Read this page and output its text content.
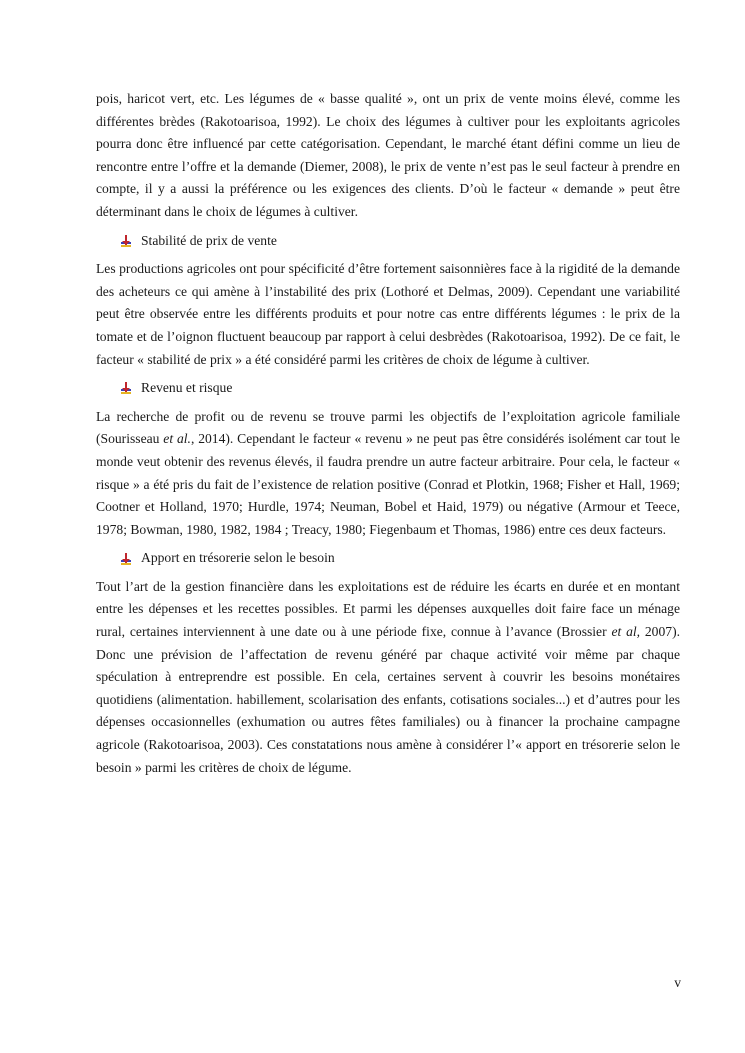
pois, haricot vert, etc. Les légumes de « basse qualité », ont un prix de vente moins élevé, comme les différentes brèdes (Rakotoarisoa, 1992). Le choix des légumes à cultiver pour les exploitants agricoles pourra donc être influencé par cette catégorisation. Cependant, le marché étant défini comme un lieu de rencontre entre l’offre et la demande (Diemer, 2008), le prix de vente n’est pas le seul facteur à prendre en compte, il y a aussi la préférence ou les exigences des clients. D’où le facteur « demande » peut être déterminant dans le choix de légumes à cultiver.

Stabilité de prix de vente

Les productions agricoles ont pour spécificité d’être fortement saisonnières face à la rigidité de la demande des acheteurs ce qui amène à l’instabilité des prix (Lothoré et Delmas, 2009). Cependant une variabilité peut être observée entre les différents produits et pour notre cas entre différents légumes : le prix de la tomate et de l’oignon fluctuent beaucoup par rapport à celui desbrèdes (Rakotoarisoa, 1992). De ce fait, le facteur « stabilité de prix » a été considéré parmi les critères de choix de légume à cultiver.

Revenu et risque

La recherche de profit ou de revenu se trouve parmi les objectifs de l’exploitation agricole familiale (Sourisseau et al., 2014). Cependant le facteur « revenu » ne peut pas être considérés isolément car tout le monde veut obtenir des revenus élevés, il faudra prendre un autre facteur arbitraire. Pour cela, le facteur « risque » a été pris du fait de l’existence de relation positive (Conrad et Plotkin, 1968; Fisher et Hall, 1969; Cootner et Holland, 1970; Hurdle, 1974; Neuman, Bobel et Haid, 1979) ou négative (Armour et Teece, 1978; Bowman, 1980, 1982, 1984 ; Treacy, 1980; Fiegenbaum et Thomas, 1986) entre ces deux facteurs.

Apport en trésorerie selon le besoin

Tout l’art de la gestion financière dans les exploitations est de réduire les écarts en durée et en montant entre les dépenses et les recettes possibles. Et parmi les dépenses auxquelles doit faire face un ménage rural, certaines interviennent à une date ou à une période fixe, connue à l’avance (Brossier et al, 2007). Donc une prévision de l’affectation de revenu généré par chaque activité voir même par chaque spéculation à entreprendre est possible. En cela, certaines servent à couvrir les besoins monétaires quotidiens (alimentation. habillement, scolarisation des enfants, cotisations sociales...) et d’autres pour les dépenses occasionnelles (exhumation ou autres fêtes familiales) ou à financer la prochaine campagne agricole (Rakotoarisoa, 2003). Ces constatations nous amène à considérer l’« apport en trésorerie selon le besoin » parmi les critères de choix de légume.

v
